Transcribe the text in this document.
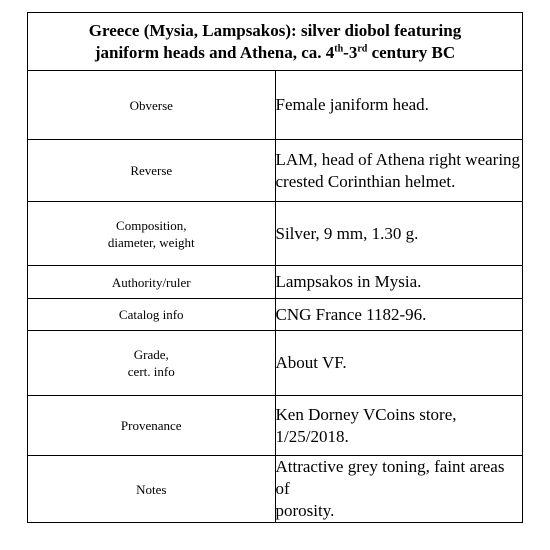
Greece (Mysia, Lampsakos): silver diobol featuring
janiform heads and Athena, ca. 4th-3rd century BC	
Obverse	Female janiform head.
Reverse	LAM, head of Athena right wearing
crested Corinthian helmet.
Composition,
diameter, weight	Silver, 9 mm, 1.30 g.
Authority/ruler	Lampsakos in Mysia.
Catalog info	CNG France 1182-96.
Grade,
cert. info	About VF.
Provenance	Ken Dorney VCoins store, 1/25/2018.
Notes	Attractive grey toning, faint areas of
porosity.
